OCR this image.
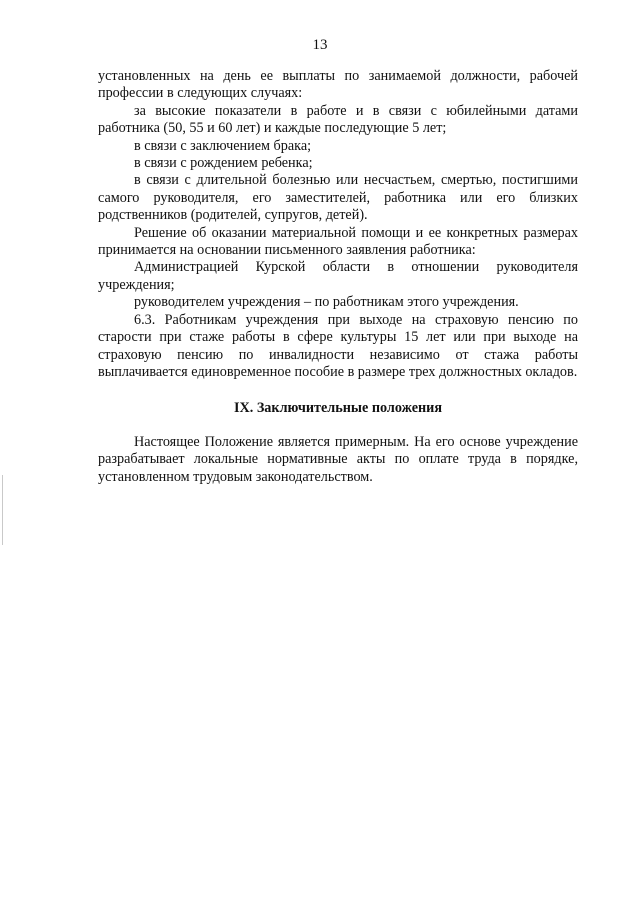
13

установленных на день ее выплаты по занимаемой должности, рабочей профессии в следующих случаях:

за высокие показатели в работе и в связи с юбилейными датами работника (50, 55 и 60 лет) и каждые последующие 5 лет;

в связи с заключением брака;

в связи с рождением ребенка;

в связи с длительной болезнью или несчастьем, смертью, постигшими самого руководителя, его заместителей, работника или его близких родственников (родителей, супругов, детей).

Решение об оказании материальной помощи и ее конкретных размерах принимается на основании письменного заявления работника:

Администрацией Курской области в отношении руководителя учреждения;

руководителем учреждения – по работникам этого учреждения.

6.3. Работникам учреждения при выходе на страховую пенсию по старости при стаже работы в сфере культуры 15 лет или при выходе на страховую пенсию по инвалидности независимо от стажа работы выплачивается единовременное пособие в размере трех должностных окладов.

IX. Заключительные положения

Настоящее Положение является примерным. На его основе учреждение разрабатывает локальные нормативные акты по оплате труда в порядке, установленном трудовым законодательством.
